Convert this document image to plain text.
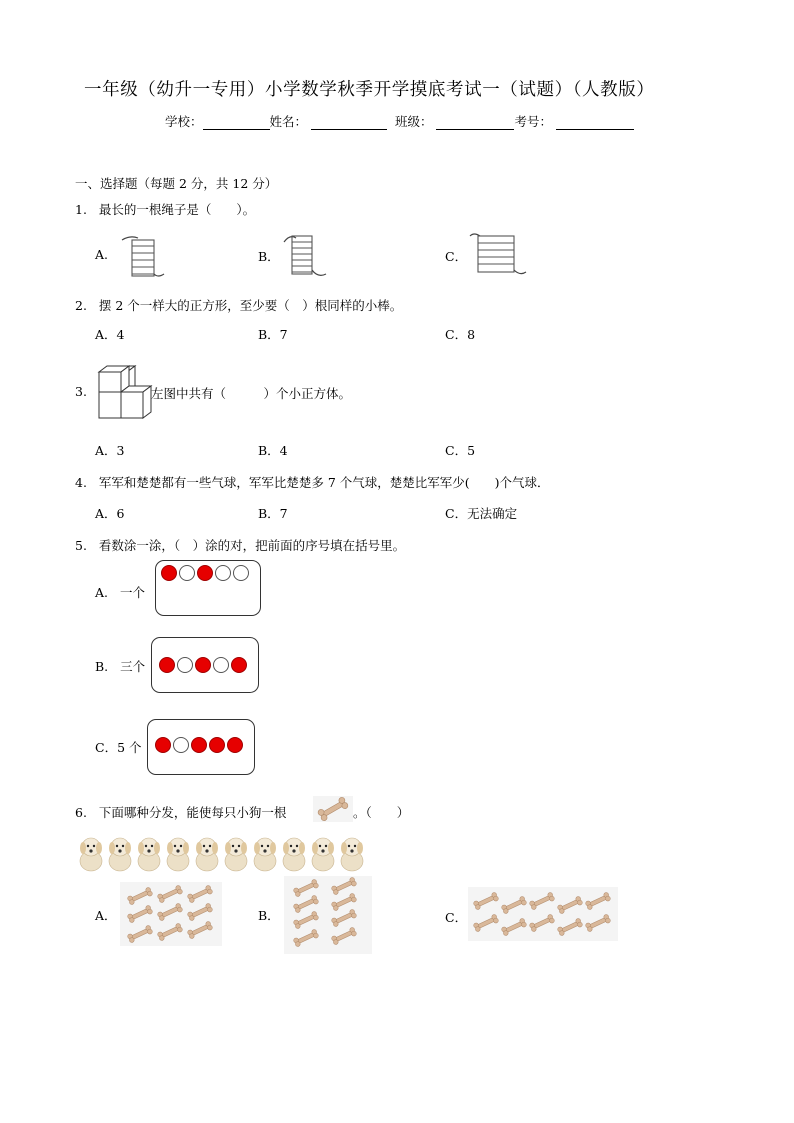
一年级（幼升一专用）小学数学秋季开学摸底考试一（试题）（人教版）
学校：	姓名：	班级：	考号：
一、选择题（每题 2 分，共 12 分）
1. 最长的一根绳子是（　　）。
A.	B．	C．
2. 摆 2 个一样大的正方形，至少要（　）根同样的小棒。
A．4	B．7	C．8
3.	左图中共有（　　　）个小正方体。
A．3	B．4	C．5
4. 军军和楚楚都有一些气球，军军比楚楚多 7 个气球，楚楚比军军少(　　)个气球．
A．6	B．7	C．无法确定
5. 看数涂一涂，（　）涂的对，把前面的序号填在括号里。
A. 一个
B. 三个
C．5 个
6. 下面哪种分发，能使每只小狗一根	。（　　）
A．	B．	C．
